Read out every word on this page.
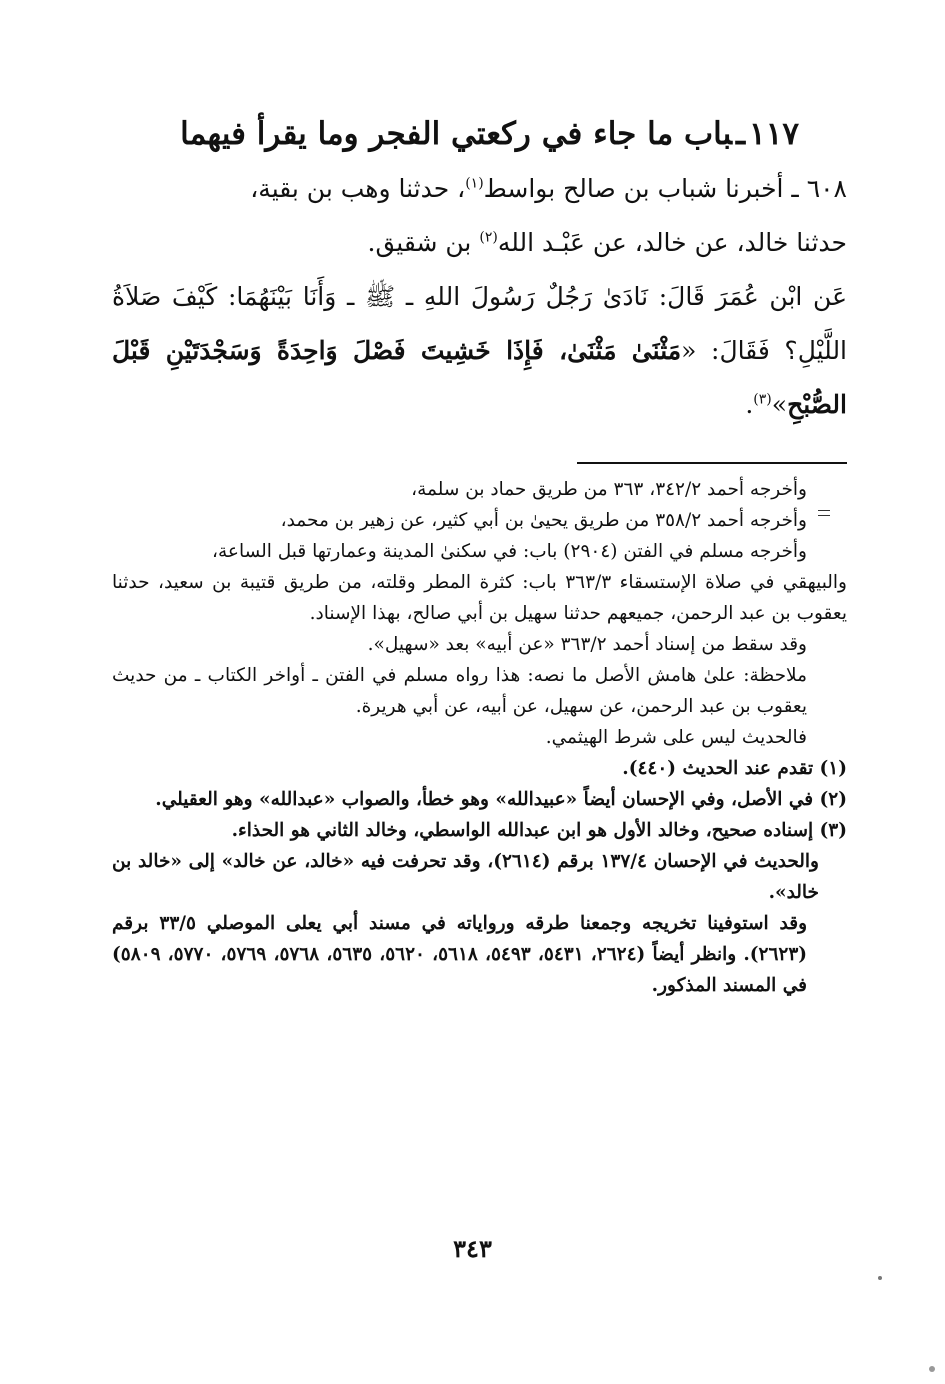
١١٧ـباب ما جاء في ركعتي الفجر وما يقرأ فيهما

٦٠٨ ـ أخبرنا شباب بن صالح بواسط$^{(١)}$، حدثنا وهب بن بقية،

حدثنا خالد، عن خالد، عن عَبْـد الله$^{(٢)}$ بن شقيق.

عَن ابْن عُمَرَ قَالَ: نَادَىٰ رَجُلٌ رَسُولَ اللهِ ـ ﷺ ـ وَأَنَا بَيْنَهُمَا: كَيْفَ صَلاَةُ اللَّيْلِ؟ فَقَالَ: «مَثْنَىٰ مَثْنَىٰ، فَإِذَا خَشِيتَ فَصْلَ وَاحِدَةً وَسَجْدَتَيْنِ قَبْلَ الصُّبْحِ»$^{(٣)}$.

وأخرجه أحمد ٣٤٢/٢، ٣٦٣ من طريق حماد بن سلمة،

وأخرجه أحمد ٣٥٨/٢ من طريق يحيىٰ بن أبي كثير، عن زهير بن محمد،

وأخرجه مسلم في الفتن (٢٩٠٤) باب: في سكنىٰ المدينة وعمارتها قبل الساعة،

والبيهقي في صلاة الإستسقاء ٣٦٣/٣ باب: كثرة المطر وقلته، من طريق قتيبة بن سعيد، حدثنا يعقوب بن عبد الرحمن، جميعهم حدثنا سهيل بن أبي صالح، بهذا الإسناد.

وقد سقط من إسناد أحمد ٣٦٣/٢ «عن أبيه» بعد «سهيل».

ملاحظة: علىٰ هامش الأصل ما نصه: هذا رواه مسلم في الفتن ـ أواخر الكتاب ـ من حديث يعقوب بن عبد الرحمن، عن سهيل، عن أبيه، عن أبي هريرة.

فالحديث ليس على شرط الهيثمي.

(١) تقدم عند الحديث (٤٤٠).

(٢) في الأصل، وفي الإحسان أيضاً «عبيدالله» وهو خطأ، والصواب «عبدالله» وهو العقيلي.

(٣) إسناده صحيح، وخالد الأول هو ابن عبدالله الواسطي، وخالد الثاني هو الحذاء.

والحديث في الإحسان ١٣٧/٤ برقم (٢٦١٤)، وقد تحرفت فيه «خالد، عن خالد» إلى «خالد بن خالد».

وقد استوفينا تخريجه وجمعنا طرقه ورواياته في مسند أبي يعلى الموصلي ٣٣/٥ برقم (٢٦٢٣). وانظر أيضاً (٢٦٢٤، ٥٤٣١، ٥٤٩٣، ٥٦١٨، ٥٦٢٠، ٥٦٣٥، ٥٧٦٨، ٥٧٦٩، ٥٧٧٠، ٥٨٠٩) في المسند المذكور.

٣٤٣
